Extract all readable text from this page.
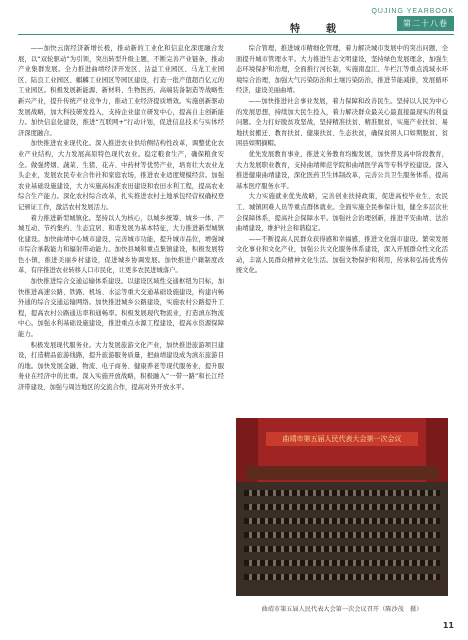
QUJING YEARBOOK
特　载
第二十八卷

——加快云南经济新增长极，推动新的工业化和信息化深度融合发展，以“双轮驱动”为引领，突出转型升级主题，不断完善产业链条，推动产业集群发展。全力推进曲靖经济开发区、沾益工业园区、马龙工业园区、陆良工业园区、麒麟工业园区等园区建设，打造一批产值超百亿元的工业园区。积极发展新能源、新材料、生物医药、高端装备制造等战略性新兴产业，提升传统产业竞争力，推动工业经济提质增效。实施创新驱动发展战略，加大科技研发投入，支持企业建立研发中心，提高自主创新能力。加快信息化建设，推进“互联网+”行动计划，促进信息技术与实体经济深度融合。

加快推进农业现代化。深入推进农业供给侧结构性改革，调整优化农业产业结构，大力发展高原特色现代农业。稳定粮食生产，确保粮食安全。做强烤烟、蔬菜、生猪、花卉、中药材等优势产业，培育壮大农业龙头企业，发展农民专业合作社和家庭农场，推进农业适度规模经营。加强农业基础设施建设，大力实施高标准农田建设和农田水利工程，提高农业综合生产能力。深化农村综合改革，扎实推进农村土地承包经营权确权登记颁证工作，激活农村发展活力。

着力推进新型城镇化。坚持以人为核心，以城乡统筹、城乡一体、产城互动、节约集约、生态宜居、和谐发展为基本特征，大力推进新型城镇化建设。加快曲靖中心城市建设，完善城市功能，提升城市品位，增强城市综合承载能力和辐射带动能力。加快县城和重点集镇建设，积极发展特色小镇，推进美丽乡村建设，促进城乡协调发展。加快推进户籍制度改革，有序推进农业转移人口市民化，让更多农民进城落户。

加快推进综合交通运输体系建设。以建设区域性交通枢纽为目标，加快推进高速公路、铁路、机场、水运等重大交通基础设施建设，构建内畅外通的综合交通运输网络。加快推进城乡公路建设，实施农村公路提升工程，提高农村公路通达率和通畅率。积极发展现代物流业，打造滇东物流中心。加强水利基础设施建设，推进重点水源工程建设，提高水资源保障能力。

积极发展现代服务业。大力发展旅游文化产业，加快推进旅游项目建设，打造精品旅游线路，提升旅游服务质量，把曲靖建设成为滇东旅游目的地。加快发展金融、物流、电子商务、健康养老等现代服务业，提升服务业在经济中的比重。深入实施开放战略，积极融入“一带一路”和长江经济带建设，加强与周边地区的交流合作，提高对外开放水平。

综合管理，推进城市精细化管理，着力解决城市发展中的突出问题，全面提升城市管理水平。大力推进生态文明建设，坚持绿色发展理念，加强生态环境保护和治理，全面推行河长制，实施南盘江、牛栏江等重点流域水环境综合治理，加强大气污染防治和土壤污染防治，推进节能减排，发展循环经济，建设美丽曲靖。

——加快推进社会事业发展，着力保障和改善民生。坚持以人民为中心的发展思想，持续加大民生投入，着力解决群众最关心最直接最现实的利益问题。全力打好脱贫攻坚战，坚持精准扶贫、精准脱贫，实施产业扶贫、易地扶贫搬迁、教育扶贫、健康扶贫、生态扶贫，确保贫困人口如期脱贫、贫困县如期摘帽。

优先发展教育事业，推进义务教育均衡发展，加快普及高中阶段教育，大力发展职业教育，支持曲靖师范学院和曲靖医学高等专科学校建设。深入推进健康曲靖建设，深化医药卫生体制改革，完善公共卫生服务体系，提高基本医疗服务水平。

大力实施就业优先战略，完善创业扶持政策，促进高校毕业生、农民工、城镇困难人员等重点群体就业。全面实施全民参保计划，健全多层次社会保障体系，提高社会保障水平。加强社会治理创新，推进平安曲靖、法治曲靖建设，维护社会和谐稳定。

——不断提高人民群众获得感和幸福感，推进文化强市建设。繁荣发展文化事业和文化产业，加强公共文化服务体系建设，深入开展群众性文化活动，丰富人民群众精神文化生活。加强文物保护和利用，传承和弘扬优秀传统文化。

曲靖市第五届人民代表大会第一次会议
曲靖市第五届人民代表大会第一次会议召开（陈沙茂　摄）
11
